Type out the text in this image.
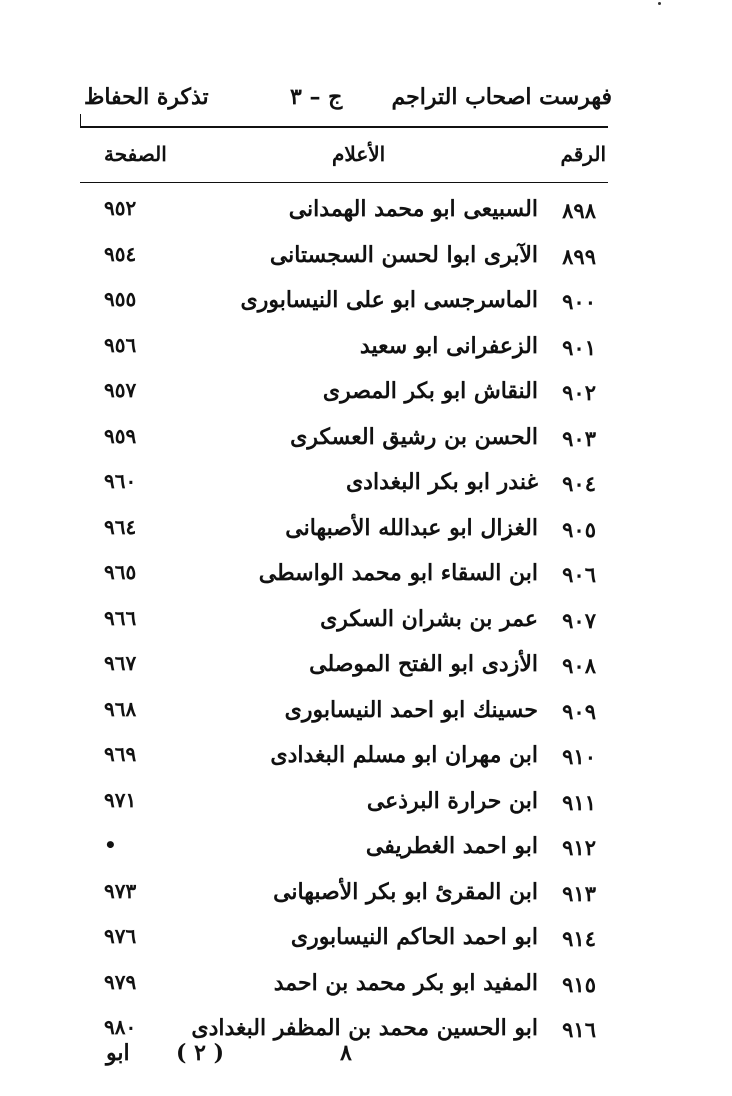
فهرست اصحاب التراجم
ج – ٣
تذكرة الحفاظ
الرقم
الأعلام
الصفحة
٨٩٨
السبيعى ابو محمد الهمدانى
٩٥٢
٨٩٩
الآبرى ابوا لحسن السجستانى
٩٥٤
٩٠٠
الماسرجسى ابو على النيسابورى
٩٥٥
٩٠١
الزعفرانى ابو سعيد
٩٥٦
٩٠٢
النقاش ابو بكر المصرى
٩٥٧
٩٠٣
الحسن بن رشيق العسكرى
٩٥٩
٩٠٤
غندر ابو بكر البغدادى
٩٦٠
٩٠٥
الغزال ابو عبدالله الأصبهانى
٩٦٤
٩٠٦
ابن السقاء ابو محمد الواسطى
٩٦٥
٩٠٧
عمر بن بشران السكرى
٩٦٦
٩٠٨
الأزدى ابو الفتح الموصلى
٩٦٧
٩٠٩
حسينك ابو احمد النيسابورى
٩٦٨
٩١٠
ابن مهران ابو مسلم البغدادى
٩٦٩
٩١١
ابن حرارة البرذعى
٩٧١
٩١٢
ابو احمد الغطريفى
•
٩١٣
ابن المقرئ ابو بكر الأصبهانى
٩٧٣
٩١٤
ابو احمد الحاكم النيسابورى
٩٧٦
٩١٥
المفيد ابو بكر محمد بن احمد
٩٧٩
٩١٦
ابو الحسين محمد بن المظفر البغدادى
٩٨٠
ابو ( ٢ )	٨
